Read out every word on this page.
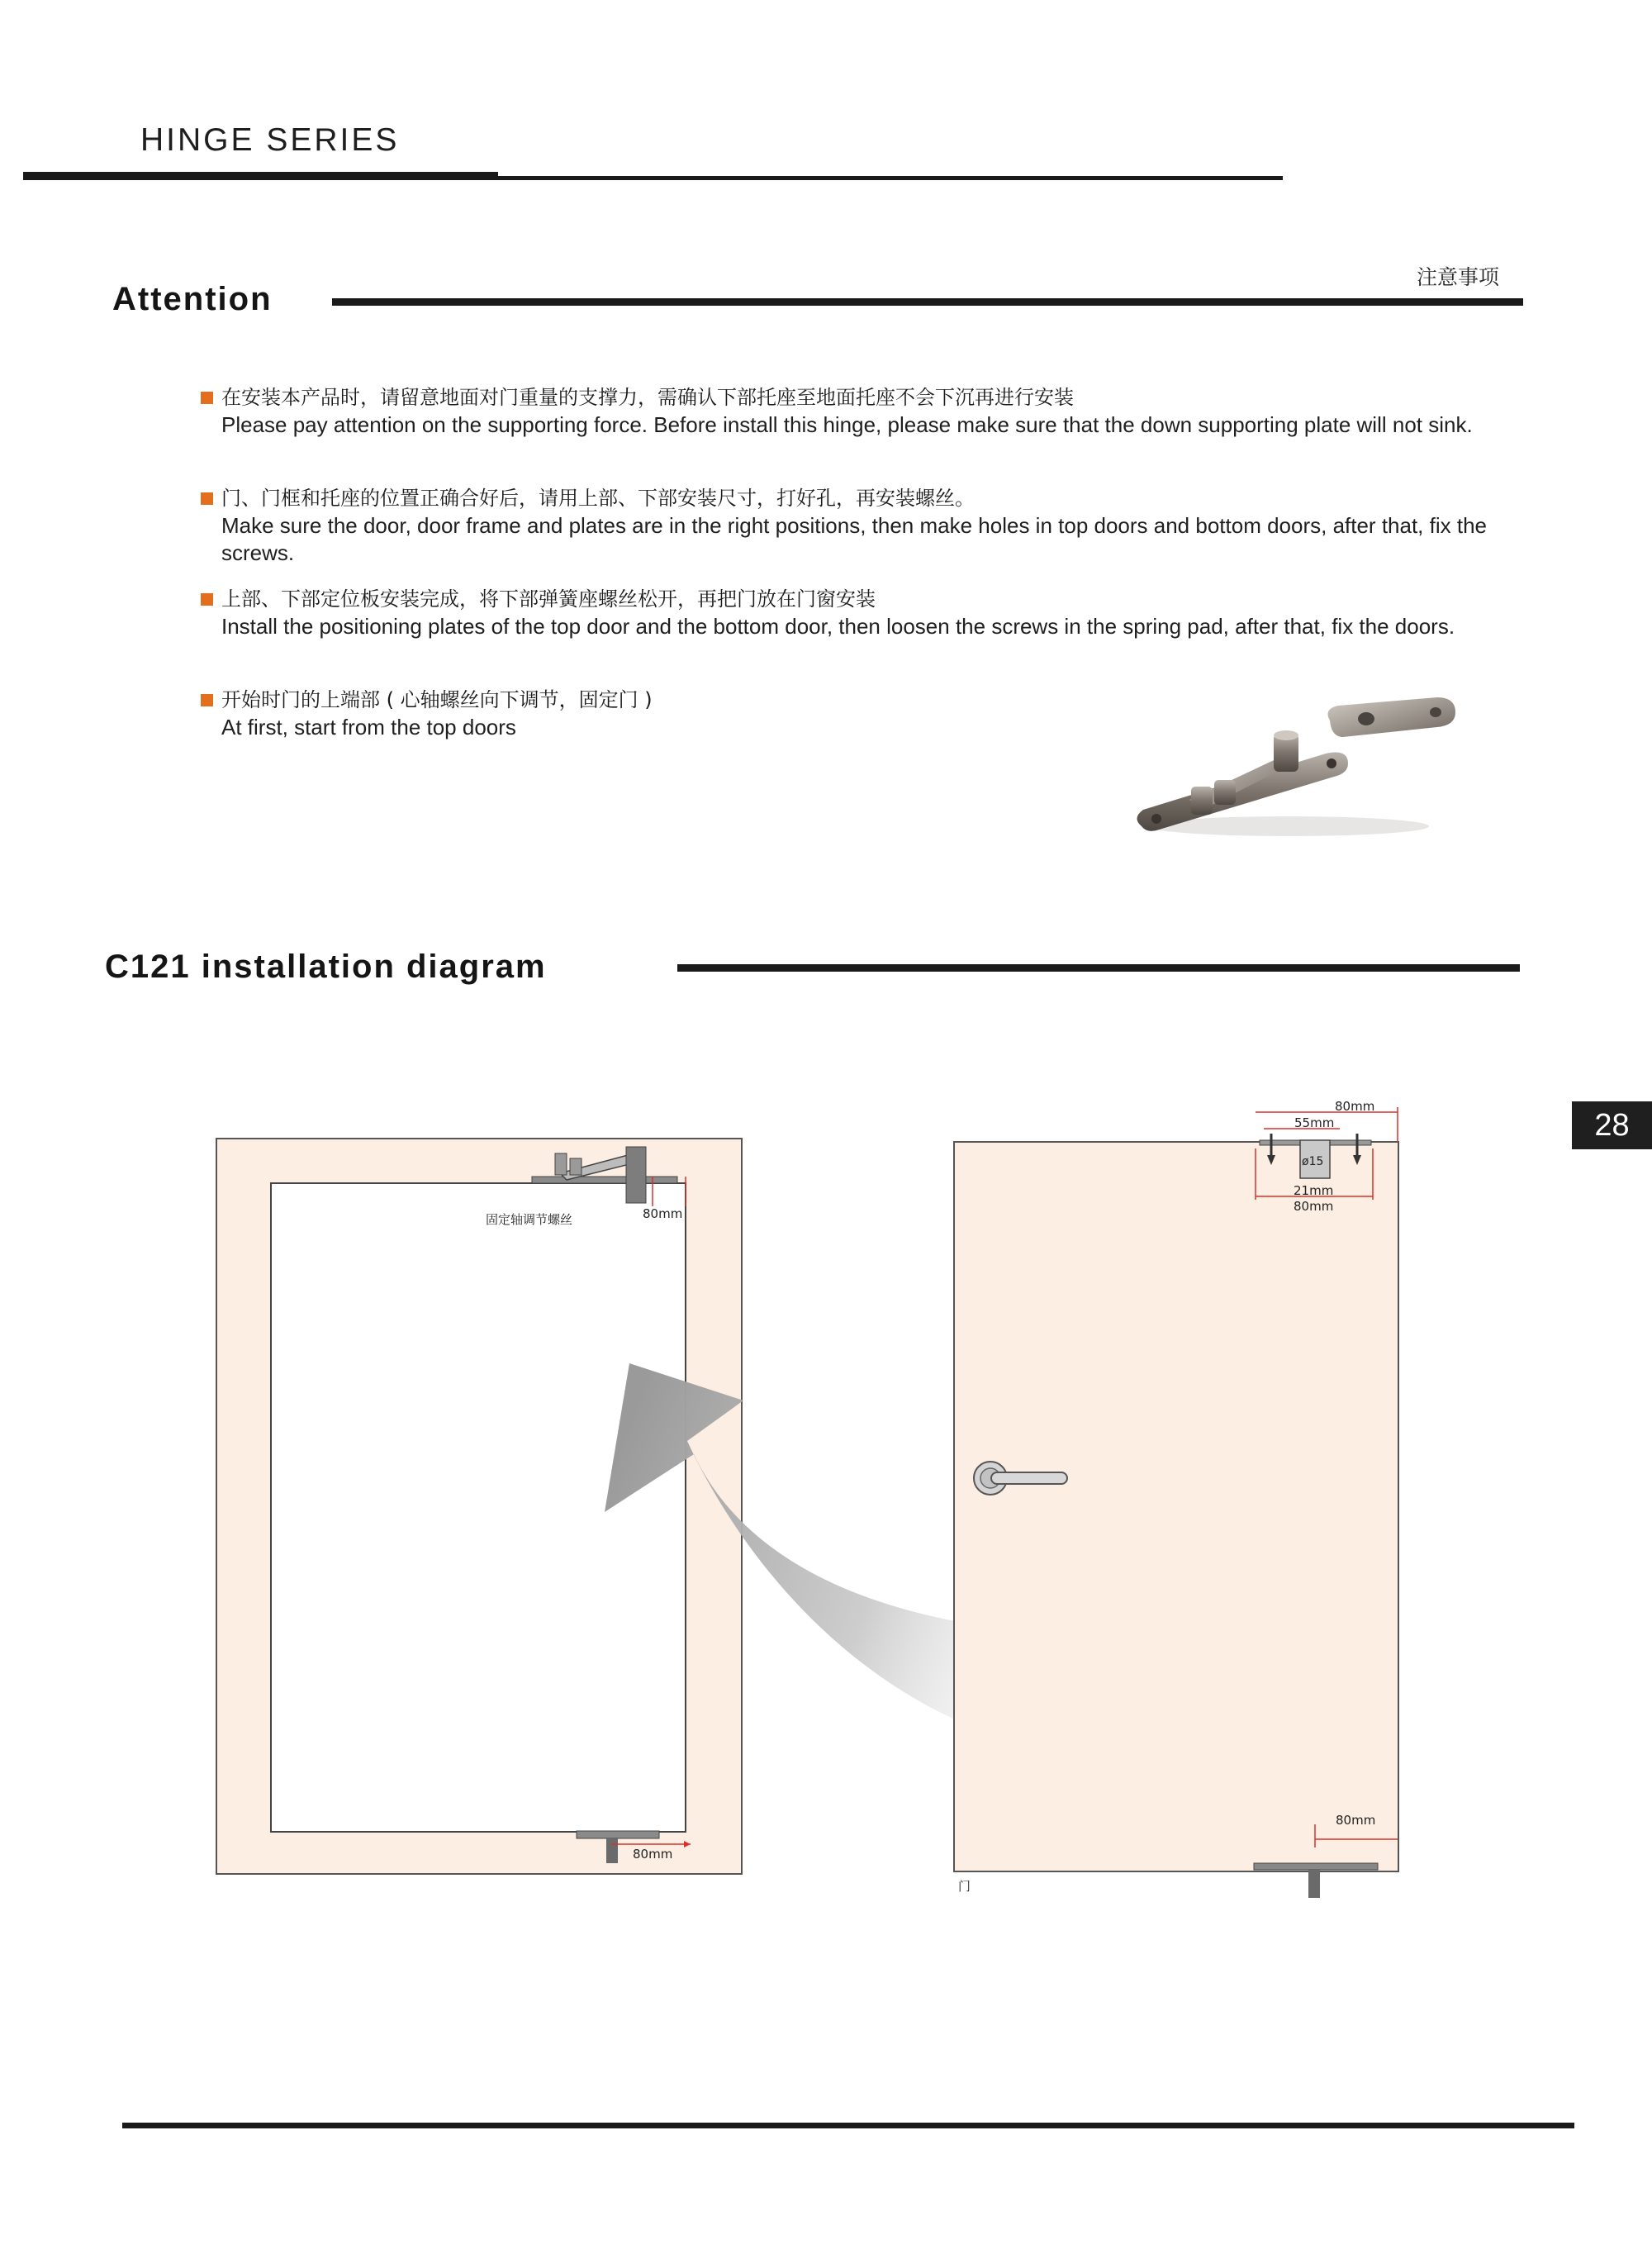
HINGE SERIES
Attention
注意事项
在安装本产品时，请留意地面对门重量的支撑力，需确认下部托座至地面托座不会下沉再进行安装
Please pay attention on the supporting force. Before install this hinge, please make sure that the down supporting plate will not sink.
门、门框和托座的位置正确合好后，请用上部、下部安装尺寸，打好孔，再安装螺丝。
Make sure the door, door frame and plates are in the right positions, then make holes in top doors and bottom doors, after that, fix the screws.
上部、下部定位板安装完成，将下部弹簧座螺丝松开，再把门放在门窗安装
Install the positioning plates of the top door and the bottom door, then loosen the screws in the spring pad, after that, fix the doors.
开始时门的上端部 ( 心轴螺丝向下调节，固定门 )
At first, start from the top doors
C121 installation diagram
固定轴调节螺丝	80mm
80mm
80mm
55mm
ø15
21mm
80mm
80mm
门
28
